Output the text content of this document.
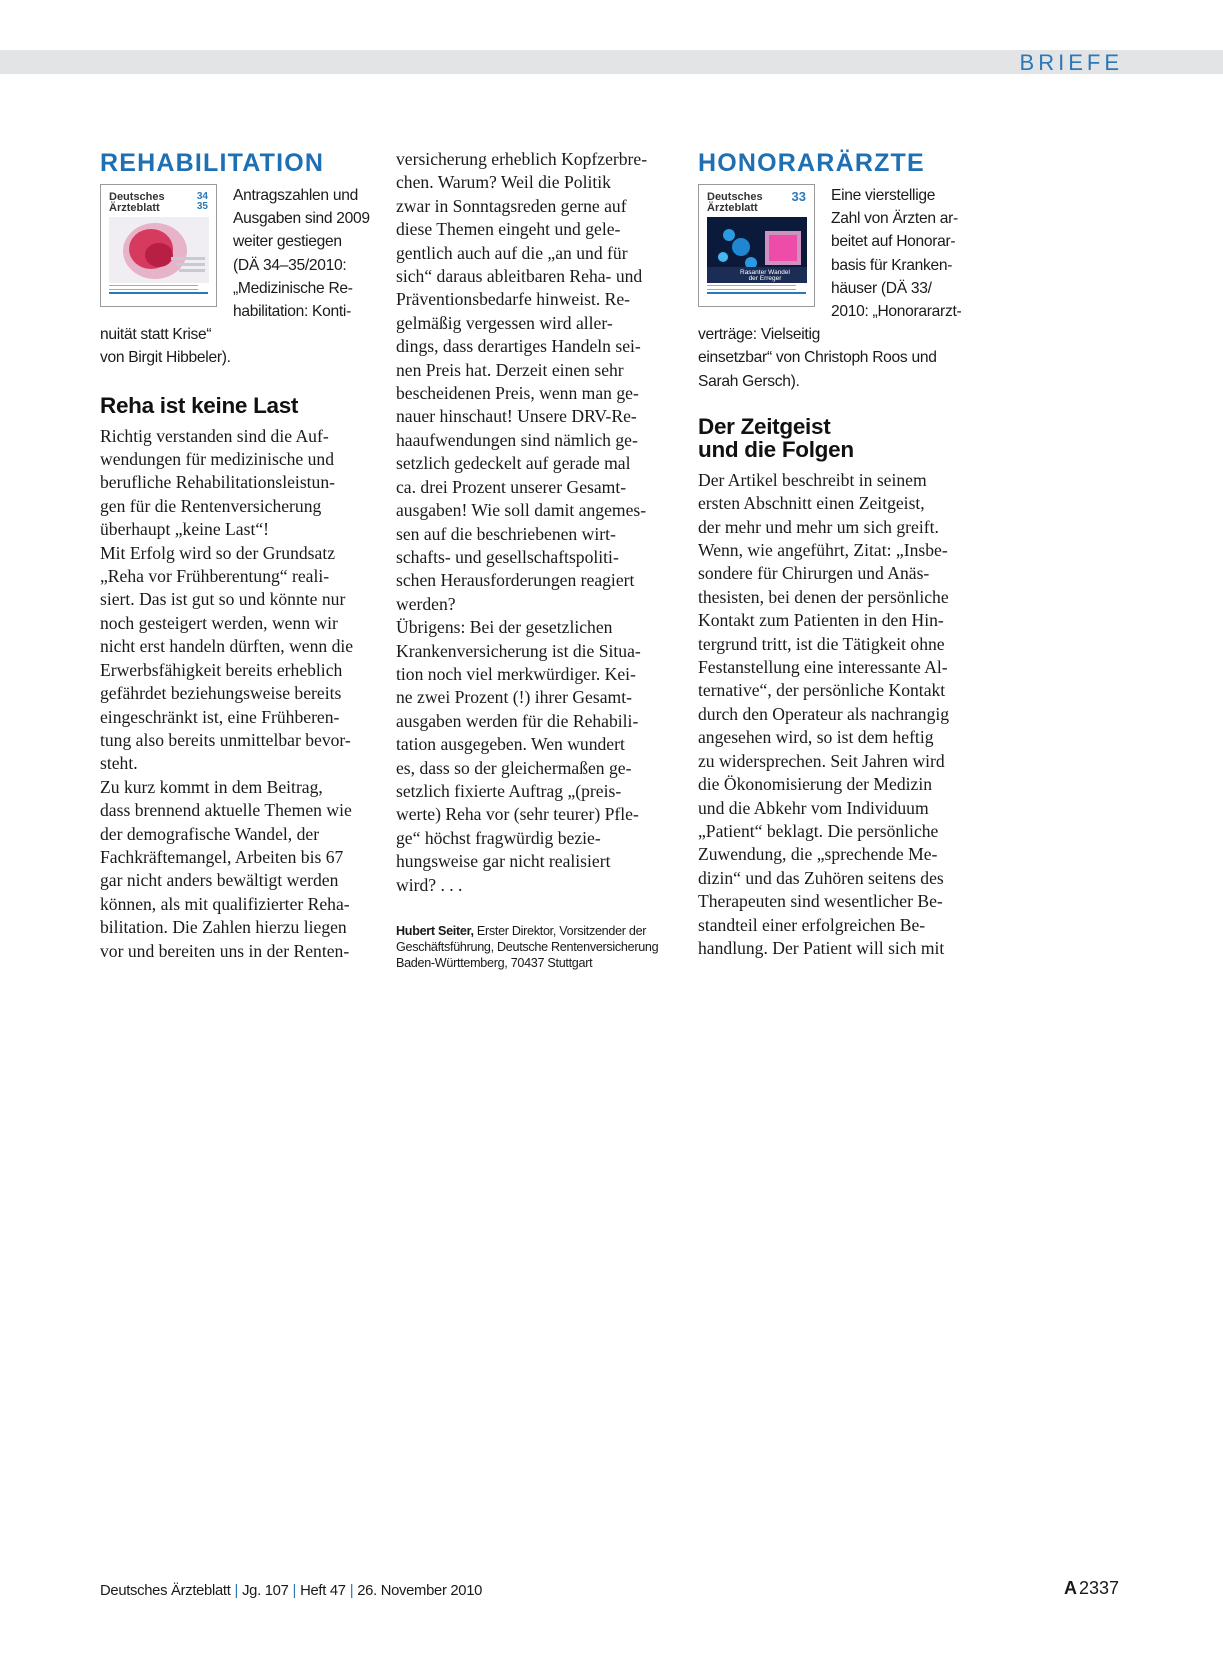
BRIEFE
REHABILITATION
Deutsches
Ärzteblatt
34
35
Antragszahlen und
Ausgaben sind 2009
weiter gestiegen
(DÄ 34–35/2010:
„Medizinische Re-
habilitation: Konti-
nuität statt Krise“
von Birgit Hibbeler).
Reha ist keine Last
Richtig verstanden sind die Auf-
wendungen für medizinische und
berufliche Rehabilitationsleistun-
gen für die Rentenversicherung
überhaupt „keine Last“!
Mit Erfolg wird so der Grundsatz
„Reha vor Frühberentung“ reali-
siert. Das ist gut so und könnte nur
noch gesteigert werden, wenn wir
nicht erst handeln dürften, wenn die
Erwerbsfähigkeit bereits erheblich
gefährdet beziehungsweise bereits
eingeschränkt ist, eine Frühberen-
tung also bereits unmittelbar bevor-
steht.
Zu kurz kommt in dem Beitrag,
dass brennend aktuelle Themen wie
der demografische Wandel, der
Fachkräftemangel, Arbeiten bis 67
gar nicht anders bewältigt werden
können, als mit qualifizierter Reha-
bilitation. Die Zahlen hierzu liegen
vor und bereiten uns in der Renten-
versicherung erheblich Kopfzerbre-
chen. Warum? Weil die Politik
zwar in Sonntagsreden gerne auf
diese Themen eingeht und gele-
gentlich auch auf die „an und für
sich“ daraus ableitbaren Reha- und
Präventionsbedarfe hinweist. Re-
gelmäßig vergessen wird aller-
dings, dass derartiges Handeln sei-
nen Preis hat. Derzeit einen sehr
bescheidenen Preis, wenn man ge-
nauer hinschaut! Unsere DRV-Re-
haaufwendungen sind nämlich ge-
setzlich gedeckelt auf gerade mal
ca. drei Prozent unserer Gesamt-
ausgaben! Wie soll damit angemes-
sen auf die beschriebenen wirt-
schafts- und gesellschaftspoliti-
schen Herausforderungen reagiert
werden?
Übrigens: Bei der gesetzlichen
Krankenversicherung ist die Situa-
tion noch viel merkwürdiger. Kei-
ne zwei Prozent (!) ihrer Gesamt-
ausgaben werden für die Rehabili-
tation ausgegeben. Wen wundert
es, dass so der gleichermaßen ge-
setzlich fixierte Auftrag „(preis-
werte) Reha vor (sehr teurer) Pfle-
ge“ höchst fragwürdig bezie-
hungsweise gar nicht realisiert
wird? . . .
Hubert Seiter, Erster Direktor, Vorsitzender der
Geschäftsführung, Deutsche Rentenversicherung
Baden-Württemberg, 70437 Stuttgart
HONORARÄRZTE
Deutsches
Ärzteblatt
33
Rasanter Wandel
der Erreger
Eine vierstellige
Zahl von Ärzten ar-
beitet auf Honorar-
basis für Kranken-
häuser (DÄ 33/
2010: „Honorararzt-
verträge: Vielseitig
einsetzbar“ von Christoph Roos und
Sarah Gersch).
Der Zeitgeist
und die Folgen
Der Artikel beschreibt in seinem
ersten Abschnitt einen Zeitgeist,
der mehr und mehr um sich greift.
Wenn, wie angeführt, Zitat: „Insbe-
sondere für Chirurgen und Anäs-
thesisten, bei denen der persönliche
Kontakt zum Patienten in den Hin-
tergrund tritt, ist die Tätigkeit ohne
Festanstellung eine interessante Al-
ternative“, der persönliche Kontakt
durch den Operateur als nachrangig
angesehen wird, so ist dem heftig
zu widersprechen. Seit Jahren wird
die Ökonomisierung der Medizin
und die Abkehr vom Individuum
„Patient“ beklagt. Die persönliche
Zuwendung, die „sprechende Me-
dizin“ und das Zuhören seitens des
Therapeuten sind wesentlicher Be-
standteil einer erfolgreichen Be-
handlung. Der Patient will sich mit
Deutsches Ärzteblatt | Jg. 107 | Heft 47 | 26. November 2010	A 2337
